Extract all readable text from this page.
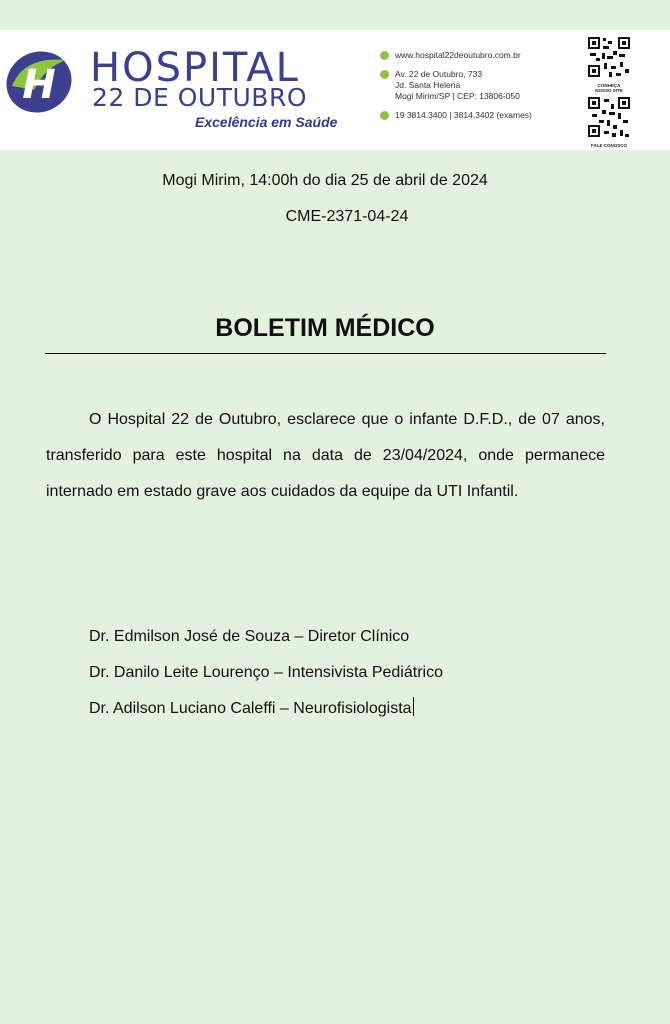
H HOSPITAL
22 DE OUTUBRO
Excelência em Saúde
www.hospital22deoutubro.com.br
Av. 22 de Outubro, 733
Jd. Santa Helena
Mogi Mirim/SP | CEP: 13806-050
19 3814.3400 | 3814.3402 (exames)
CONHEÇA
NOSSO SITE
FALE CONOSCO
Mogi Mirim, 14:00h do dia 25 de abril de 2024
CME-2371-04-24
BOLETIM MÉDICO

O Hospital 22 de Outubro, esclarece que o infante D.F.D., de 07 anos, transferido para este hospital na data de 23/04/2024, onde permanece internado em estado grave aos cuidados da equipe da UTI Infantil.

Dr. Edmilson José de Souza – Diretor Clínico
Dr. Danilo Leite Lourenço – Intensivista Pediátrico
Dr. Adilson Luciano Caleffi – Neurofisiologista
